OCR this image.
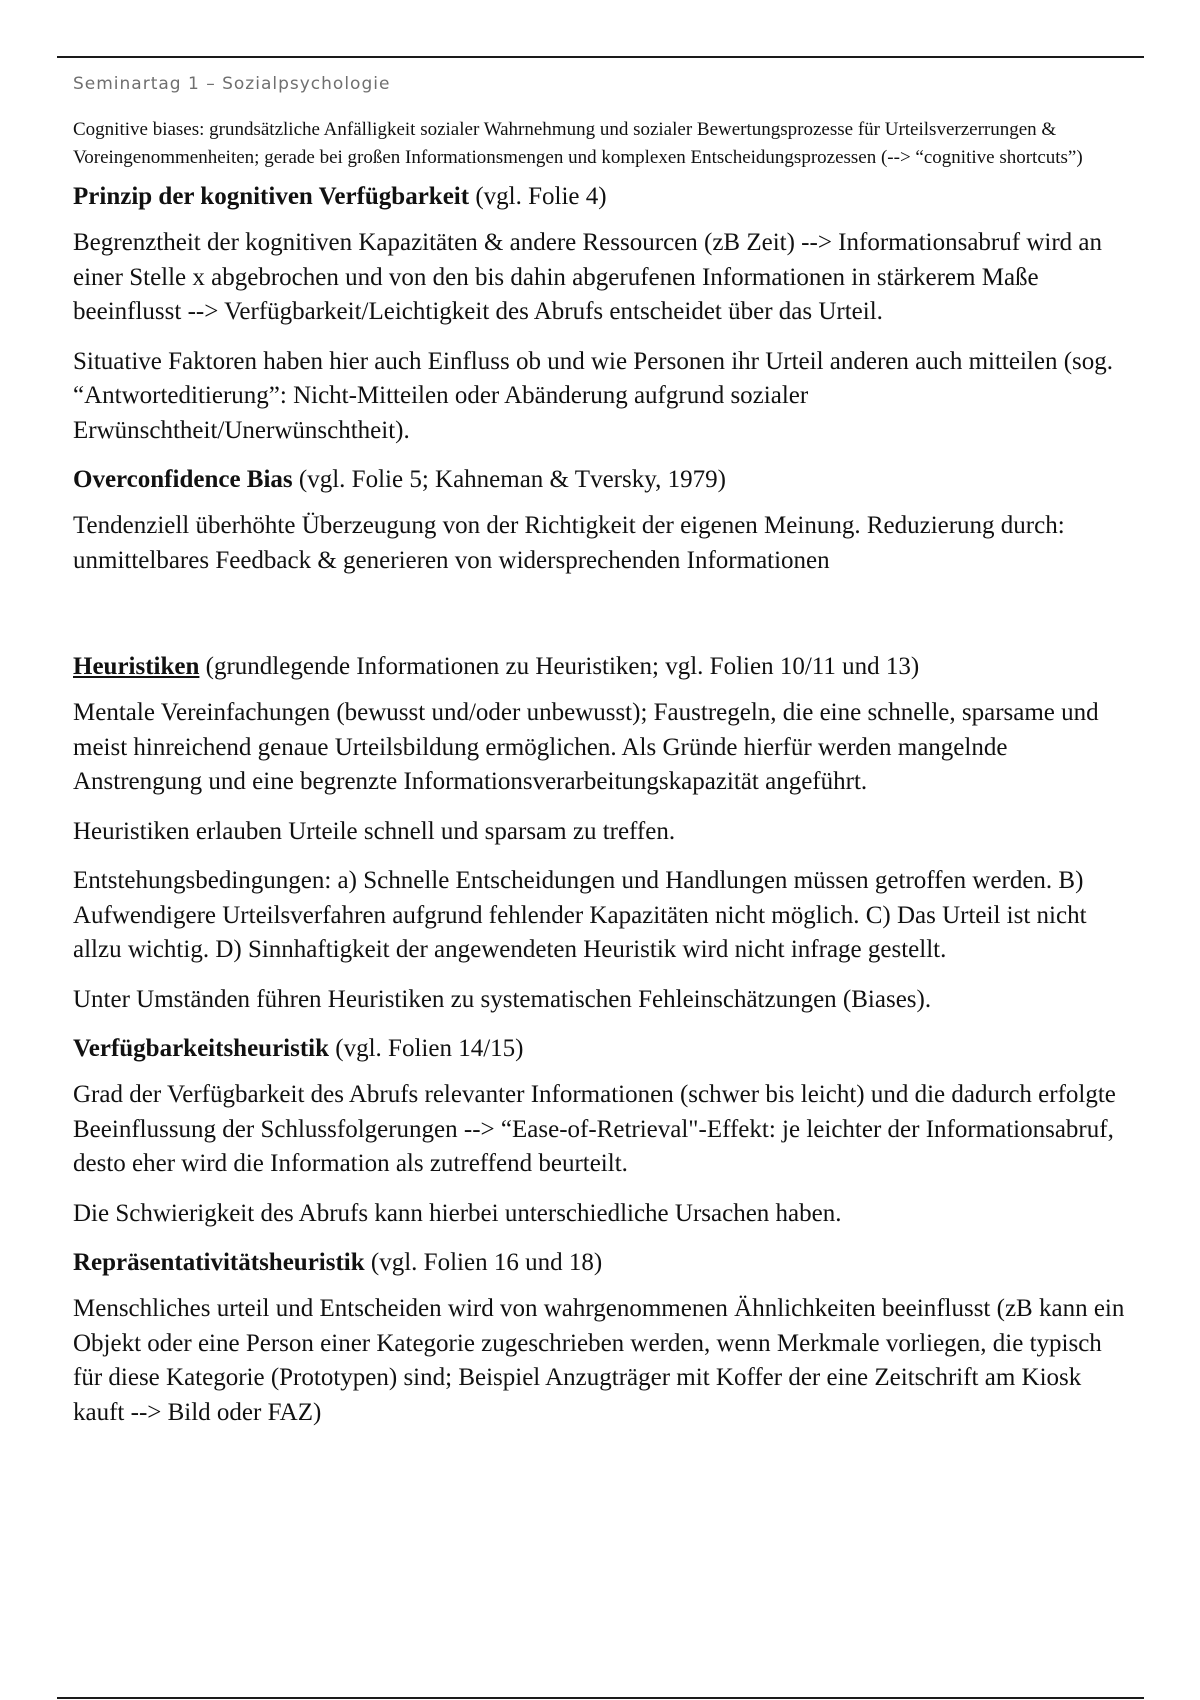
Seminartag 1 – Sozialpsychologie

Cognitive biases: grundsätzliche Anfälligkeit sozialer Wahrnehmung und sozialer Bewertungsprozesse für Urteilsverzerrungen & Voreingenommenheiten; gerade bei großen Informationsmengen und komplexen Entscheidungsprozessen (--> “cognitive shortcuts”)

Prinzip der kognitiven Verfügbarkeit (vgl. Folie 4)

Begrenztheit der kognitiven Kapazitäten & andere Ressourcen (zB Zeit) --> Informationsabruf wird an einer Stelle x abgebrochen und von den bis dahin abgerufenen Informationen in stärkerem Maße beeinflusst --> Verfügbarkeit/Leichtigkeit des Abrufs entscheidet über das Urteil.

Situative Faktoren haben hier auch Einfluss ob und wie Personen ihr Urteil anderen auch mitteilen (sog. “Antworteditierung”: Nicht-Mitteilen oder Abänderung aufgrund sozialer Erwünschtheit/Unerwünschtheit).

Overconfidence Bias (vgl. Folie 5; Kahneman & Tversky, 1979)

Tendenziell überhöhte Überzeugung von der Richtigkeit der eigenen Meinung. Reduzierung durch: unmittelbares Feedback & generieren von widersprechenden Informationen

Heuristiken (grundlegende Informationen zu Heuristiken; vgl. Folien 10/11 und 13)

Mentale Vereinfachungen (bewusst und/oder unbewusst); Faustregeln, die eine schnelle, sparsame und meist hinreichend genaue Urteilsbildung ermöglichen. Als Gründe hierfür werden mangelnde Anstrengung und eine begrenzte Informationsverarbeitungskapazität angeführt.

Heuristiken erlauben Urteile schnell und sparsam zu treffen.

Entstehungsbedingungen: a) Schnelle Entscheidungen und Handlungen müssen getroffen werden. B) Aufwendigere Urteilsverfahren aufgrund fehlender Kapazitäten nicht möglich. C) Das Urteil ist nicht allzu wichtig. D) Sinnhaftigkeit der angewendeten Heuristik wird nicht infrage gestellt.

Unter Umständen führen Heuristiken zu systematischen Fehleinschätzungen (Biases).

Verfügbarkeitsheuristik (vgl. Folien 14/15)

Grad der Verfügbarkeit des Abrufs relevanter Informationen (schwer bis leicht) und die dadurch erfolgte Beeinflussung der Schlussfolgerungen --> “Ease-of-Retrieval"-Effekt: je leichter der Informationsabruf, desto eher wird die Information als zutreffend beurteilt.

Die Schwierigkeit des Abrufs kann hierbei unterschiedliche Ursachen haben.

Repräsentativitätsheuristik (vgl. Folien 16 und 18)

Menschliches urteil und Entscheiden wird von wahrgenommenen Ähnlichkeiten beeinflusst (zB kann ein Objekt oder eine Person einer Kategorie zugeschrieben werden, wenn Merkmale vorliegen, die typisch für diese Kategorie (Prototypen) sind; Beispiel Anzugträger mit Koffer der eine Zeitschrift am Kiosk kauft --> Bild oder FAZ)
